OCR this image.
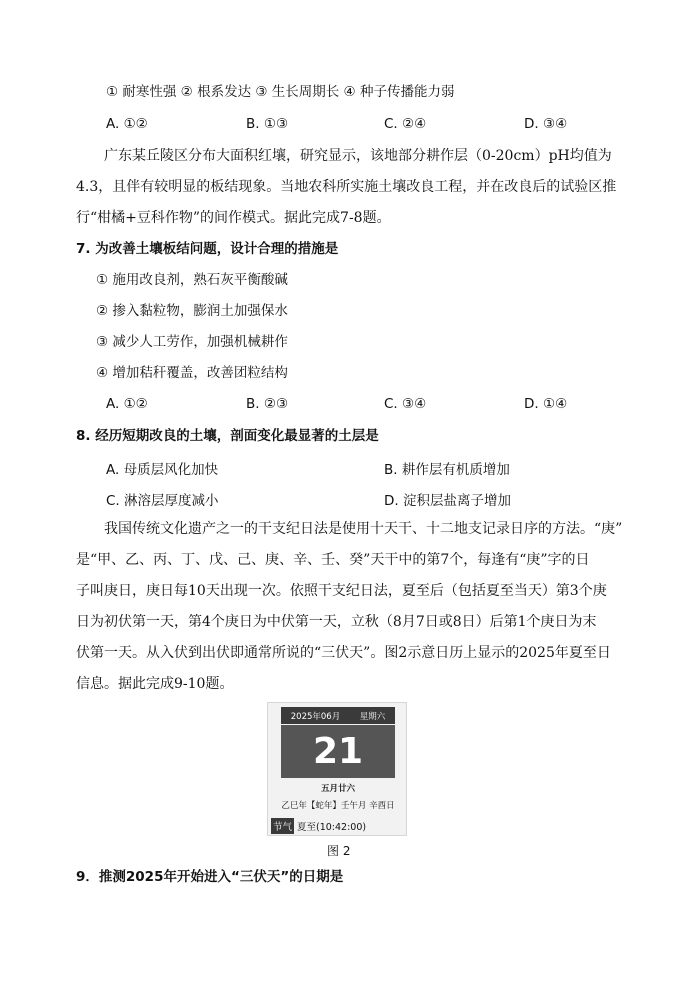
① 耐寒性强 ② 根系发达 ③ 生长周期长 ④ 种子传播能力弱
A. ①②	B. ①③	C. ②④	D. ③④
广东某丘陵区分布大面积红壤，研究显示，该地部分耕作层（0-20cm）pH均值为
4.3，且伴有较明显的板结现象。当地农科所实施土壤改良工程，并在改良后的试验区推
行“柑橘+豆科作物”的间作模式。据此完成7-8题。
7. 为改善土壤板结问题，设计合理的措施是
① 施用改良剂，熟石灰平衡酸碱
② 掺入黏粒物，膨润土加强保水
③ 减少人工劳作，加强机械耕作
④ 增加秸秆覆盖，改善团粒结构
A. ①②	B. ②③	C. ③④	D. ①④
8. 经历短期改良的土壤，剖面变化最显著的土层是
A. 母质层风化加快	B. 耕作层有机质增加
C. 淋溶层厚度减小	D. 淀积层盐离子增加
我国传统文化遗产之一的干支纪日法是使用十天干、十二地支记录日序的方法。“庚”
是“甲、乙、丙、丁、戊、己、庚、辛、壬、癸”天干中的第7个，每逢有“庚”字的日
子叫庚日，庚日每10天出现一次。依照干支纪日法，夏至后（包括夏至当天）第3个庚
日为初伏第一天，第4个庚日为中伏第一天，立秋（8月7日或8日）后第1个庚日为末
伏第一天。从入伏到出伏即通常所说的“三伏天”。图2示意日历上显示的2025年夏至日
信息。据此完成9-10题。
2025年06月 星期六
21
五月廿六
乙巳年【蛇年】壬午月 辛酉日
节气 夏至(10:42:00)
图 2
9．推测2025年开始进入“三伏天”的日期是
